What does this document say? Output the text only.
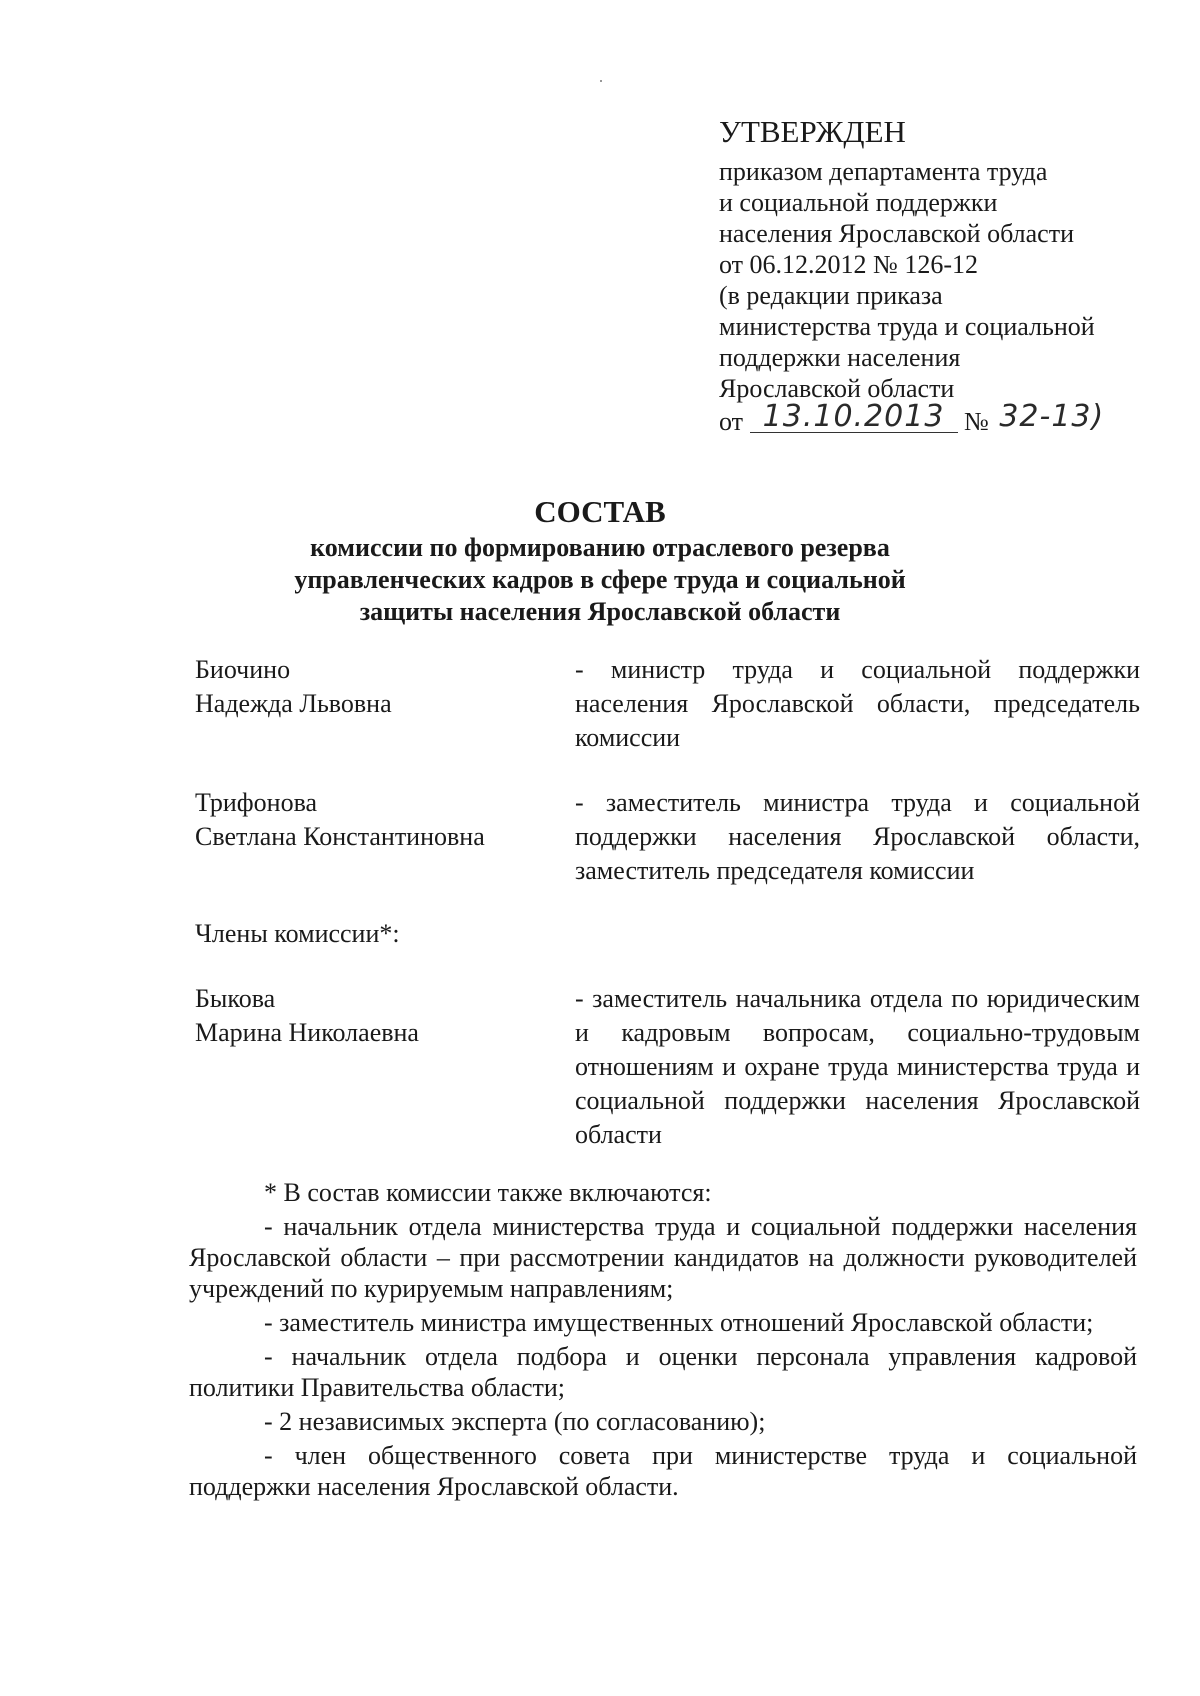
УТВЕРЖДЕН
приказом департамента труда
и социальной поддержки
населения Ярославской области
от 06.12.2012 № 126-12
(в редакции приказа
министерства труда и социальной
поддержки населения
Ярославской области
от 13.10.2013 № 32-13)
СОСТАВ
комиссии по формированию отраслевого резерва
управленческих кадров в сфере труда и социальной
защиты населения Ярославской области
Биочино
Надежда Львовна
- министр труда и социальной поддержки населения Ярославской области, председатель комиссии
Трифонова
Светлана Константиновна
- заместитель министра труда и социальной поддержки населения Ярославской области, заместитель председателя комиссии
Члены комиссии*:
Быкова
Марина Николаевна
- заместитель начальника отдела по юридическим и кадровым вопросам, социально-трудовым отношениям и охране труда министерства труда и социальной поддержки населения Ярославской области

* В состав комиссии также включаются:

- начальник отдела министерства труда и социальной поддержки населения Ярославской области – при рассмотрении кандидатов на должности руководителей учреждений по курируемым направлениям;

- заместитель министра имущественных отношений Ярославской области;

- начальник отдела подбора и оценки персонала управления кадровой политики Правительства области;

- 2 независимых эксперта (по согласованию);

- член общественного совета при министерстве труда и социальной поддержки населения Ярославской области.
